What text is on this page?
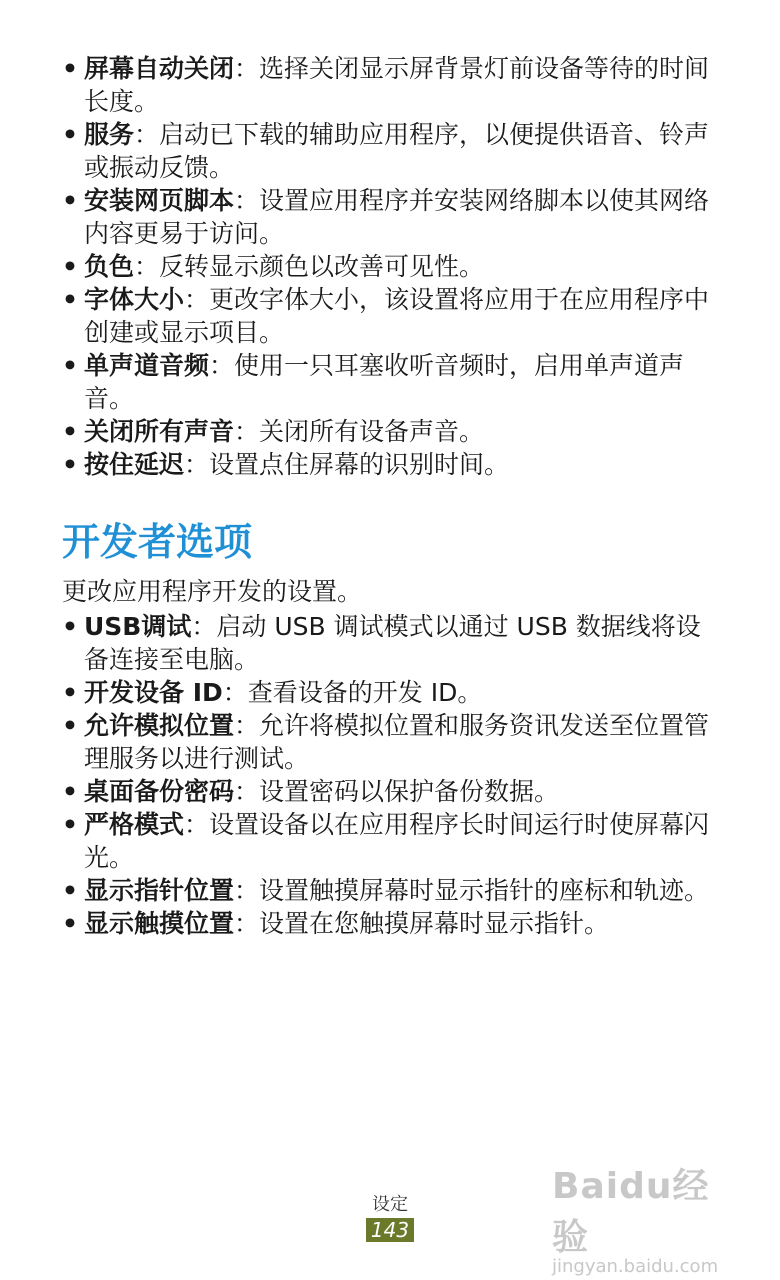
• 屏幕自动关闭：选择关闭显示屏背景灯前设备等待的时间长度。
• 服务：启动已下载的辅助应用程序，以便提供语音、铃声或振动反馈。
• 安装网页脚本：设置应用程序并安装网络脚本以使其网络内容更易于访问。
• 负色：反转显示颜色以改善可见性。
• 字体大小：更改字体大小，该设置将应用于在应用程序中创建或显示项目。
• 单声道音频：使用一只耳塞收听音频时，启用单声道声音。
• 关闭所有声音：关闭所有设备声音。
• 按住延迟：设置点住屏幕的识别时间。
开发者选项
更改应用程序开发的设置。
• USB调试：启动 USB 调试模式以通过 USB 数据线将设备连接至电脑。
• 开发设备 ID：查看设备的开发 ID。
• 允许模拟位置：允许将模拟位置和服务资讯发送至位置管理服务以进行测试。
• 桌面备份密码：设置密码以保护备份数据。
• 严格模式：设置设备以在应用程序长时间运行时使屏幕闪光。
• 显示指针位置：设置触摸屏幕时显示指针的座标和轨迹。
• 显示触摸位置：设置在您触摸屏幕时显示指针。
设定
143
Baidu经验
jingyan.baidu.com
